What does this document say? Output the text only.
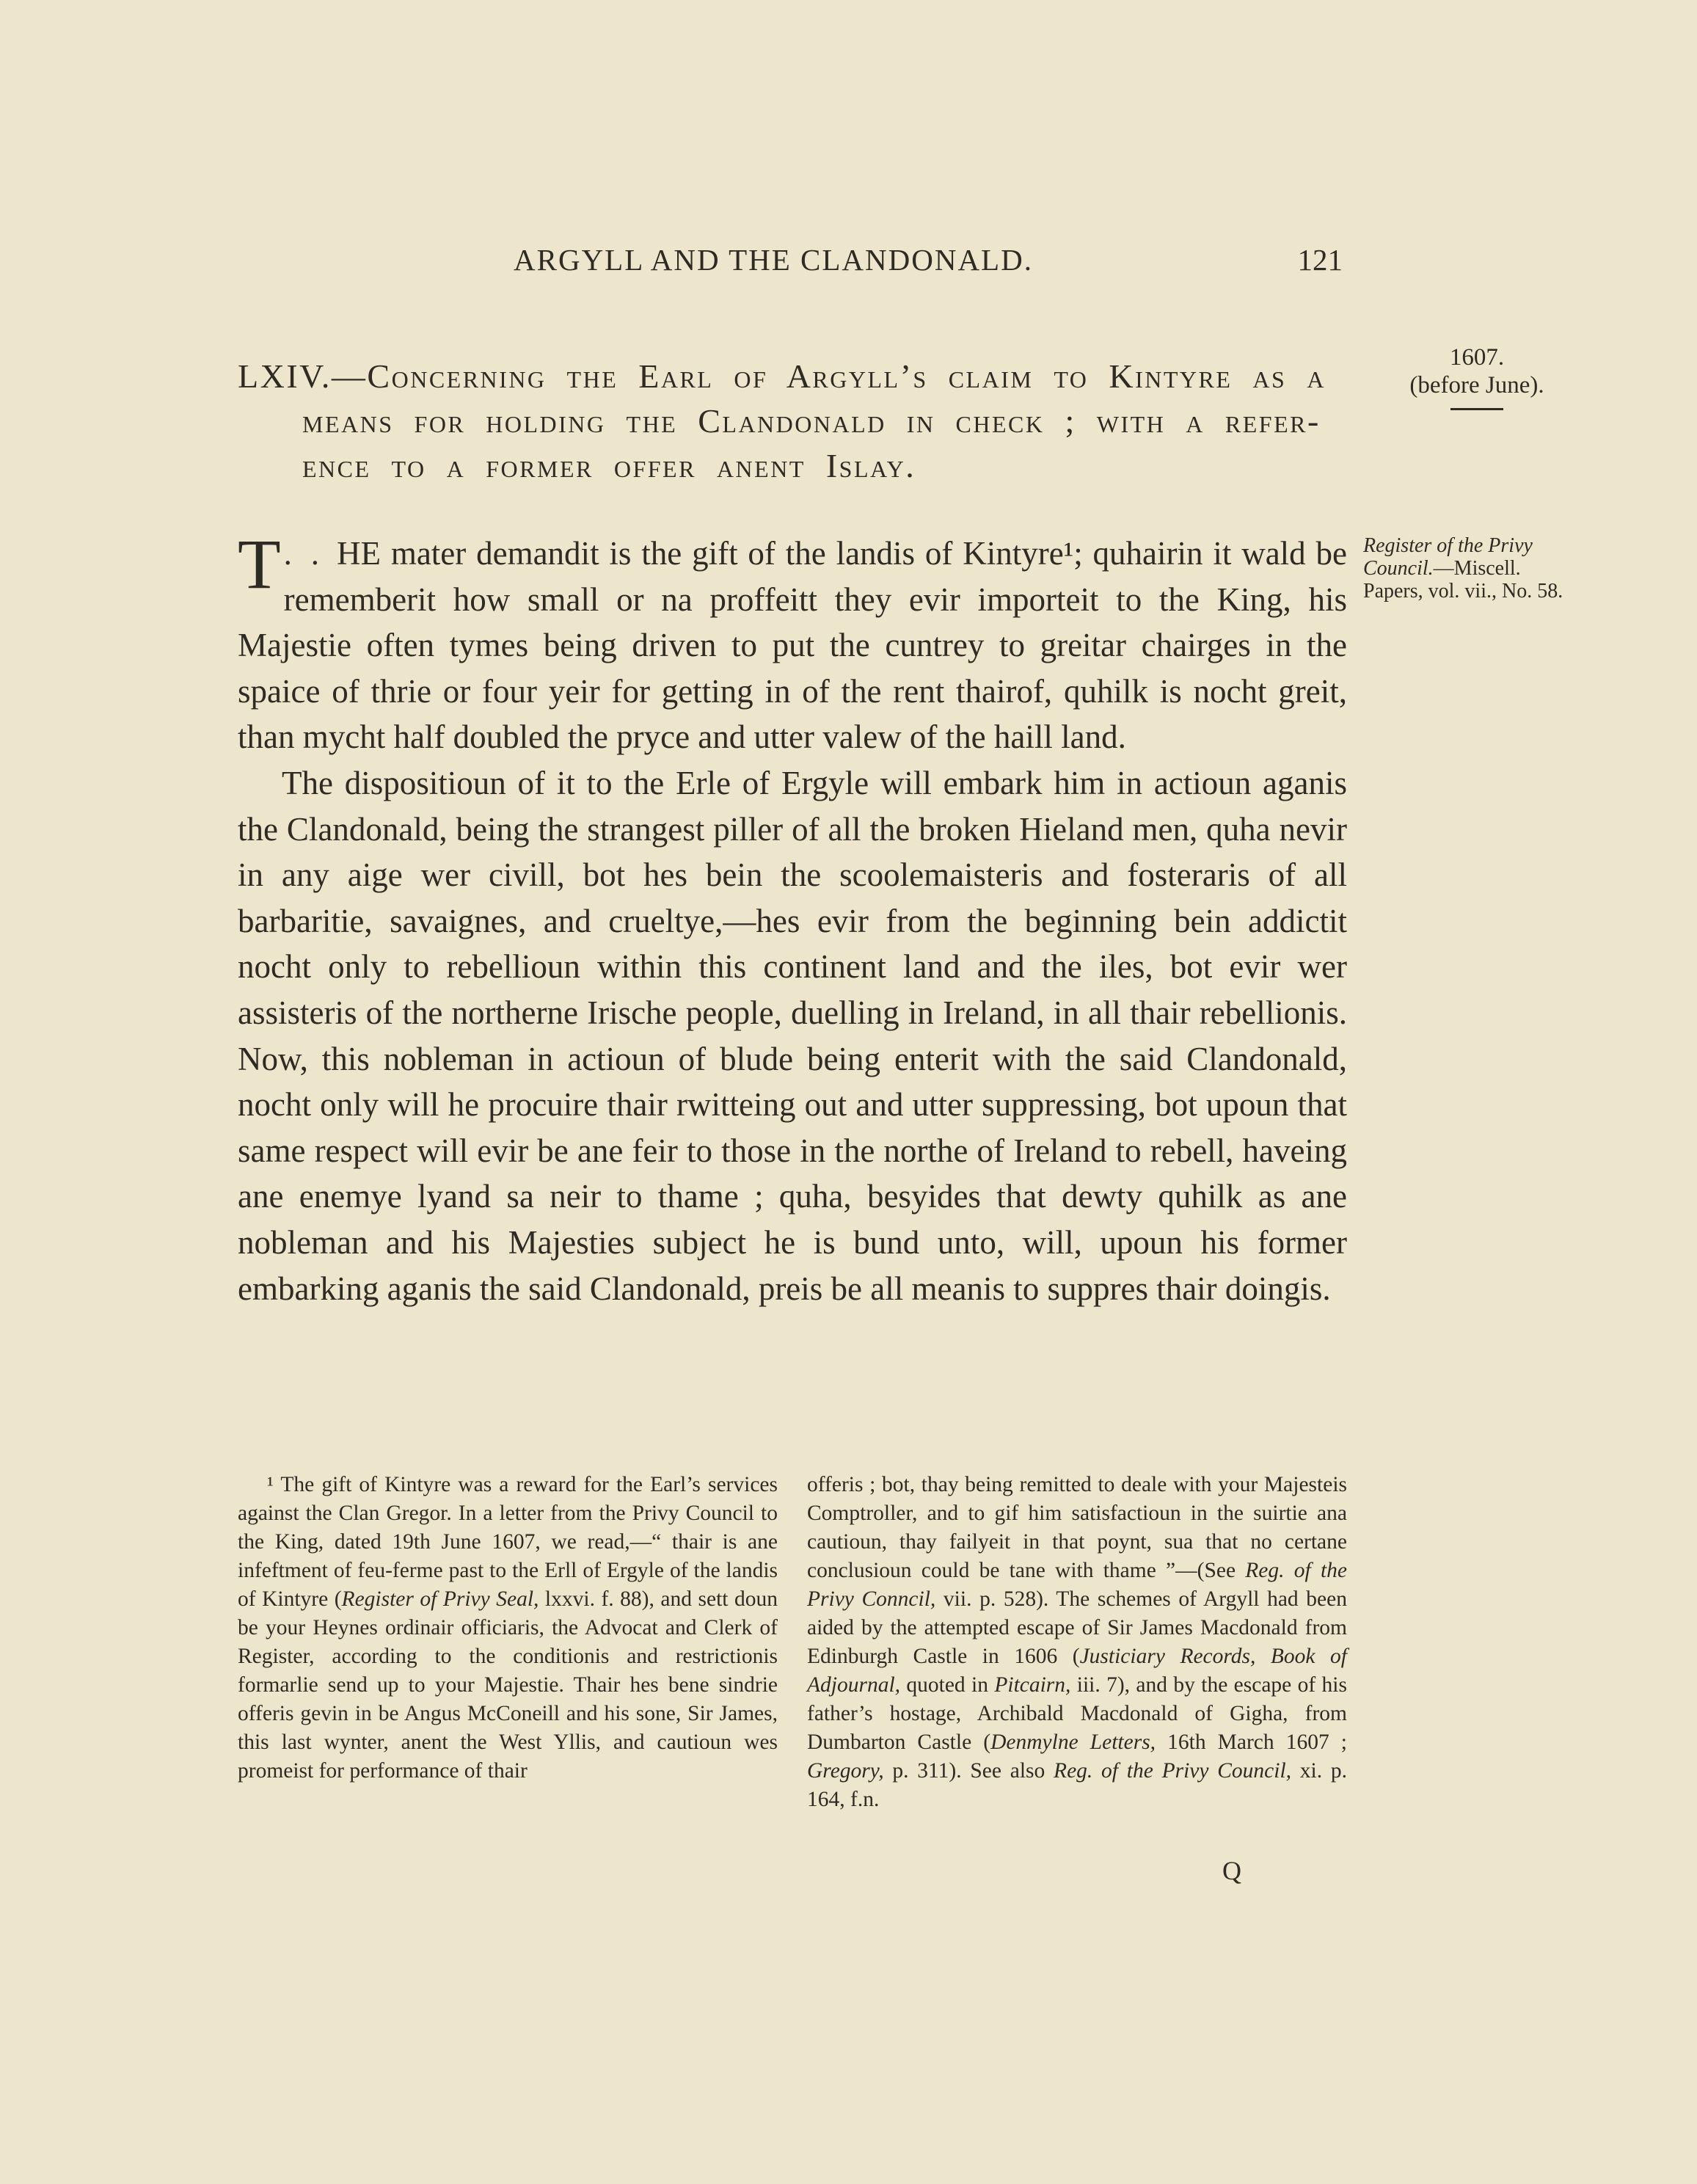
ARGYLL AND THE CLANDONALD.	121
LXIV.—Concerning the Earl of Argyll’s claim to Kintyre as a
means for holding the Clandonald in check ; with a refer-
ence to a former offer anent Islay.
1607.
(before June).
Register of the Privy Council.—Miscell. Papers, vol. vii., No. 58.

. .
T HE mater demandit is the gift of the landis of Kintyre¹; quhairin it wald be rememberit how small or na proffeitt they evir importeit to the King, his Majestie often tymes being driven to put the cuntrey to greitar chairges in the spaice of thrie or four yeir for getting in of the rent thairof, quhilk is nocht greit, than mycht half doubled the pryce and utter valew of the haill land.

The dispositioun of it to the Erle of Ergyle will embark him in actioun aganis the Clandonald, being the strangest piller of all the broken Hieland men, quha nevir in any aige wer civill, bot hes bein the scoolemaisteris and fosteraris of all barbaritie, savaignes, and crueltye,—hes evir from the beginning bein addictit nocht only to rebellioun within this continent land and the iles, bot evir wer assisteris of the northerne Irische people, duelling in Ireland, in all thair rebellionis. Now, this nobleman in actioun of blude being enterit with the said Clandonald, nocht only will he procuire thair rwitteing out and utter suppressing, bot upoun that same respect will evir be ane feir to those in the northe of Ireland to rebell, haveing ane enemye lyand sa neir to thame ; quha, besyides that dewty quhilk as ane nobleman and his Majesties subject he is bund unto, will, upoun his former embarking aganis the said Clandonald, preis be all meanis to suppres thair doingis.

¹ The gift of Kintyre was a reward for the Earl’s services against the Clan Gregor. In a letter from the Privy Council to the King, dated 19th June 1607, we read,—“ thair is ane infeftment of feu-ferme past to the Erll of Ergyle of the landis of Kintyre (Register of Privy Seal, lxxvi. f. 88), and sett doun be your Heynes ordinair officiaris, the Advocat and Clerk of Register, according to the conditionis and restrictionis formarlie send up to your Majestie. Thair hes bene sindrie offeris gevin in be Angus McConeill and his sone, Sir James, this last wynter, anent the West Yllis, and cautioun wes promeist for performance of thair
offeris ; bot, thay being remitted to deale with your Majesteis Comptroller, and to gif him satisfactioun in the suirtie ana cautioun, thay failyeit in that poynt, sua that no certane conclusioun could be tane with thame ”—(See Reg. of the Privy Conncil, vii. p. 528). The schemes of Argyll had been aided by the attempted escape of Sir James Macdonald from Edinburgh Castle in 1606 (Justiciary Records, Book of Adjournal, quoted in Pitcairn, iii. 7), and by the escape of his father’s hostage, Archibald Macdonald of Gigha, from Dumbarton Castle (Denmylne Letters, 16th March 1607 ; Gregory, p. 311). See also Reg. of the Privy Council, xi. p. 164, f.n.
Q
